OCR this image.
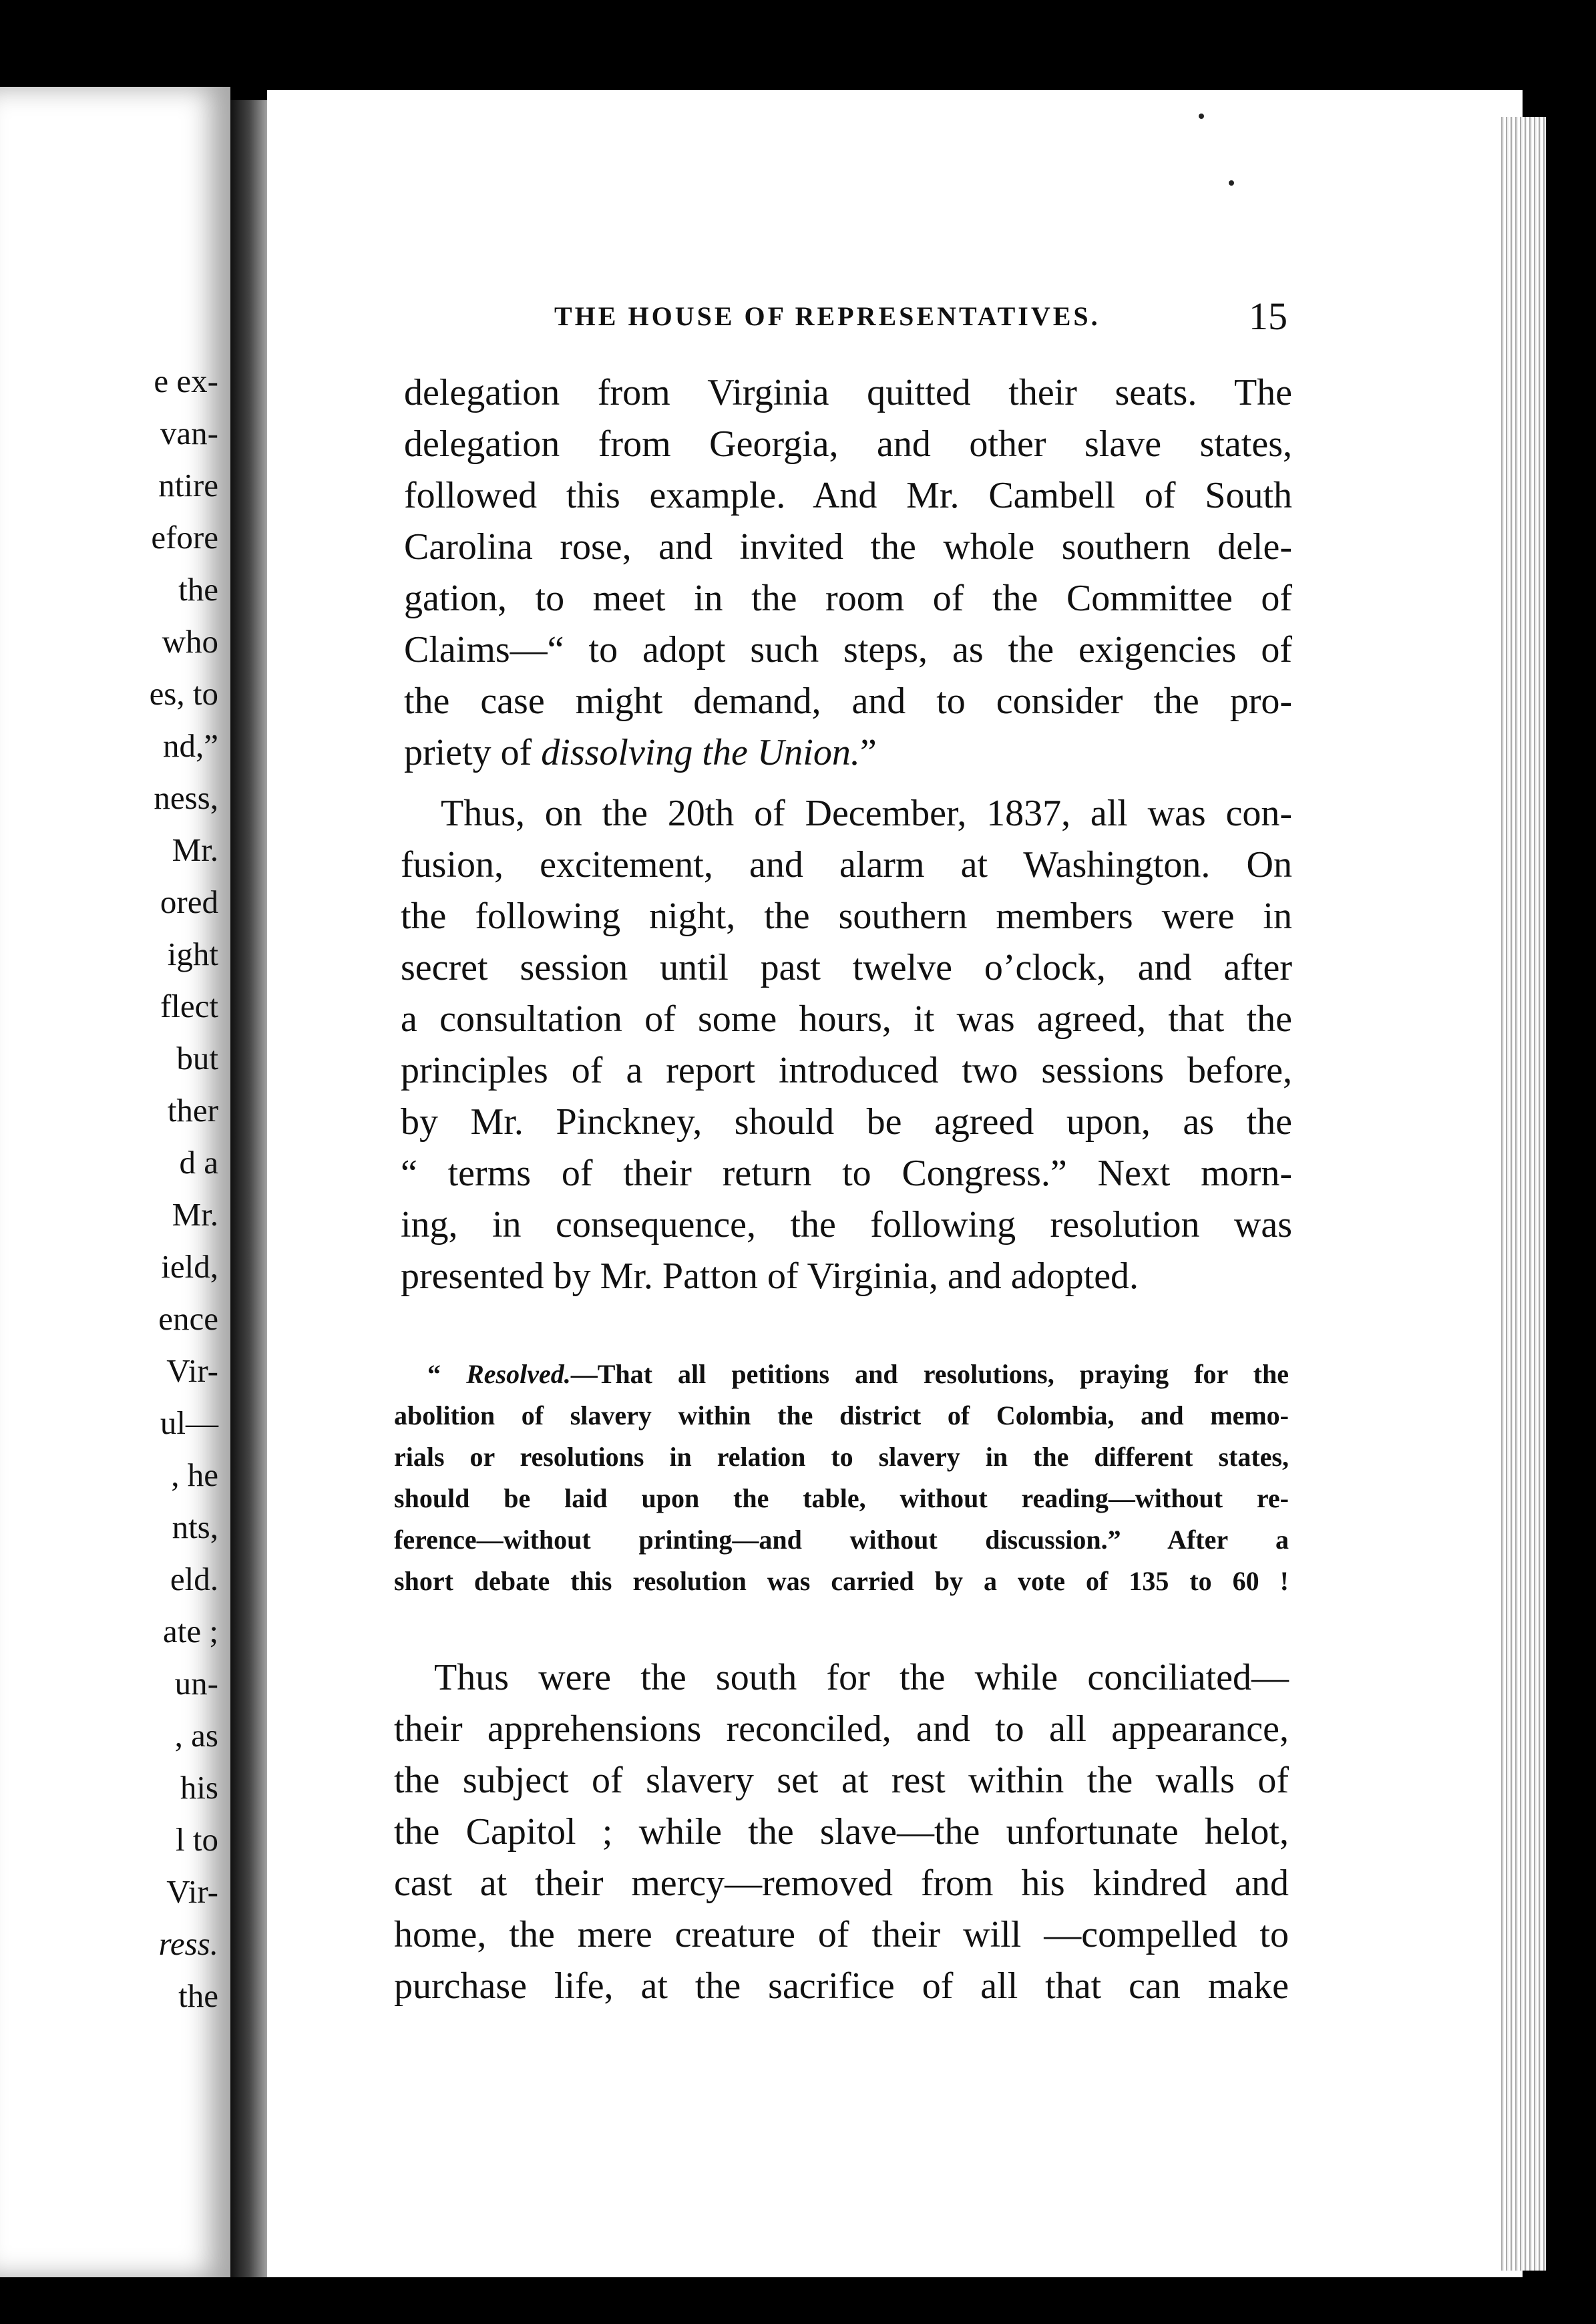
e ex-
van-
ntire
efore
the
who
es, to
nd,”
ness,
Mr.
ored
ight
flect
but
ther
d a
Mr.
ield,
ence
Vir-
ul—
, he
nts,
eld.
ate ;
un-
, as
his
l to
Vir-
ress.
the
THE HOUSE OF REPRESENTATIVES.	15
delegation from Virginia quitted their seats. The
delegation from Georgia, and other slave states,
followed this example. And Mr. Cambell of South
Carolina rose, and invited the whole southern dele-
gation, to meet in the room of the Committee of
Claims—“ to adopt such steps, as the exigencies of
the case might demand, and to consider the pro-
priety of dissolving the Union.”
Thus, on the 20th of December, 1837, all was con-
fusion, excitement, and alarm at Washington. On
the following night, the southern members were in
secret session until past twelve o’clock, and after
a consultation of some hours, it was agreed, that the
principles of a report introduced two sessions before,
by Mr. Pinckney, should be agreed upon, as the
“ terms of their return to Congress.” Next morn-
ing, in consequence, the following resolution was
presented by Mr. Patton of Virginia, and adopted.
“ Resolved.—That all petitions and resolutions, praying for the
abolition of slavery within the district of Colombia, and memo-
rials or resolutions in relation to slavery in the different states,
should be laid upon the table, without reading—without re-
ference—without printing—and without discussion.” After a
short debate this resolution was carried by a vote of 135 to 60 !
Thus were the south for the while conciliated—
their apprehensions reconciled, and to all appearance,
the subject of slavery set at rest within the walls of
the Capitol ; while the slave—the unfortunate helot,
cast at their mercy—removed from his kindred and
home, the mere creature of their will —compelled to
purchase life, at the sacrifice of all that can make
